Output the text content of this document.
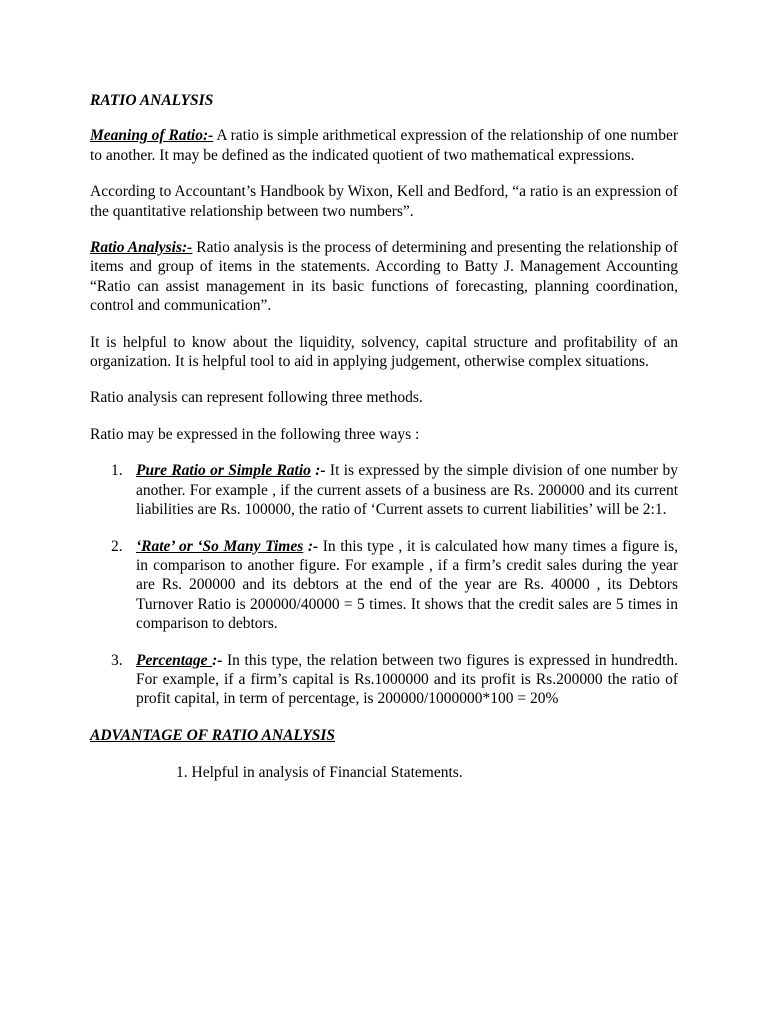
RATIO ANALYSIS

Meaning of Ratio:- A ratio is simple arithmetical expression of the relationship of one number to another. It may be defined as the indicated quotient of two mathematical expressions.

According to Accountant’s Handbook by Wixon, Kell and Bedford, “a ratio is an expression of the quantitative relationship between two numbers”.

Ratio Analysis:- Ratio analysis is the process of determining and presenting the relationship of items and group of items in the statements. According to Batty J. Management Accounting “Ratio can assist management in its basic functions of forecasting, planning coordination, control and communication”.

It is helpful to know about the liquidity, solvency, capital structure and profitability of an organization. It is helpful tool to aid in applying judgement, otherwise complex situations.

Ratio analysis can represent following three methods.

Ratio may be expressed in the following three ways :

1. Pure Ratio or Simple Ratio :- It is expressed by the simple division of one number by another. For example , if the current assets of a business are Rs. 200000 and its current liabilities are Rs. 100000, the ratio of ‘Current assets to current liabilities’ will be 2:1.
2. ‘Rate’ or ‘So Many Times :- In this type , it is calculated how many times a figure is, in comparison to another figure. For example , if a firm’s credit sales during the year are Rs. 200000 and its debtors at the end of the year are Rs. 40000 , its Debtors Turnover Ratio is 200000/40000 = 5 times. It shows that the credit sales are 5 times in comparison to debtors.
3. Percentage :- In this type, the relation between two figures is expressed in hundredth. For example, if a firm’s capital is Rs.1000000 and its profit is Rs.200000 the ratio of profit capital, in term of percentage, is 200000/1000000*100 = 20%

ADVANTAGE OF RATIO ANALYSIS

1. Helpful in analysis of Financial Statements.
